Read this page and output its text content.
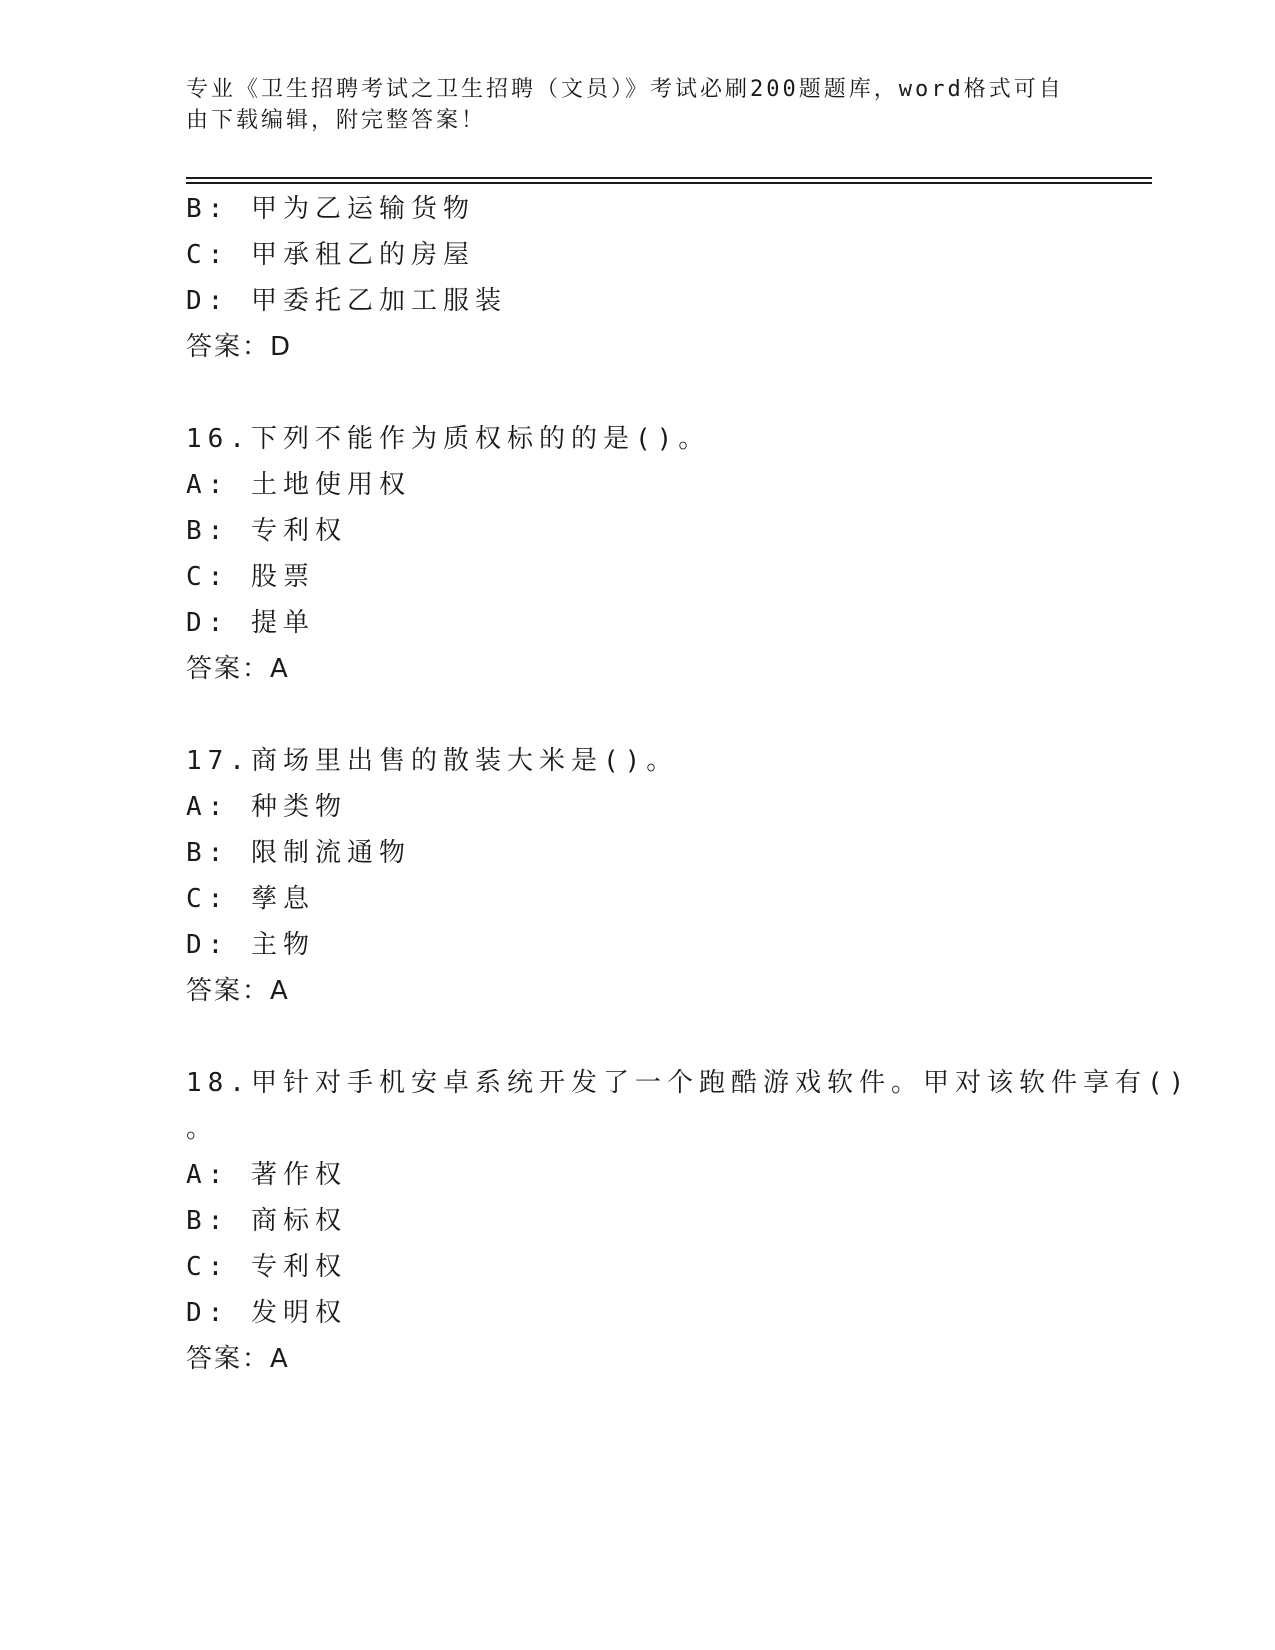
专业《卫生招聘考试之卫生招聘（文员）》考试必刷200题题库，word格式可自
由下载编辑，附完整答案！
B: 甲为乙运输货物
C: 甲承租乙的房屋
D: 甲委托乙加工服装
答案：D
16.下列不能作为质权标的的是()。
A: 土地使用权
B: 专利权
C: 股票
D: 提单
答案：A
17.商场里出售的散装大米是()。
A: 种类物
B: 限制流通物
C: 孳息
D: 主物
答案：A
18.甲针对手机安卓系统开发了一个跑酷游戏软件。甲对该软件享有()
。
A: 著作权
B: 商标权
C: 专利权
D: 发明权
答案：A
